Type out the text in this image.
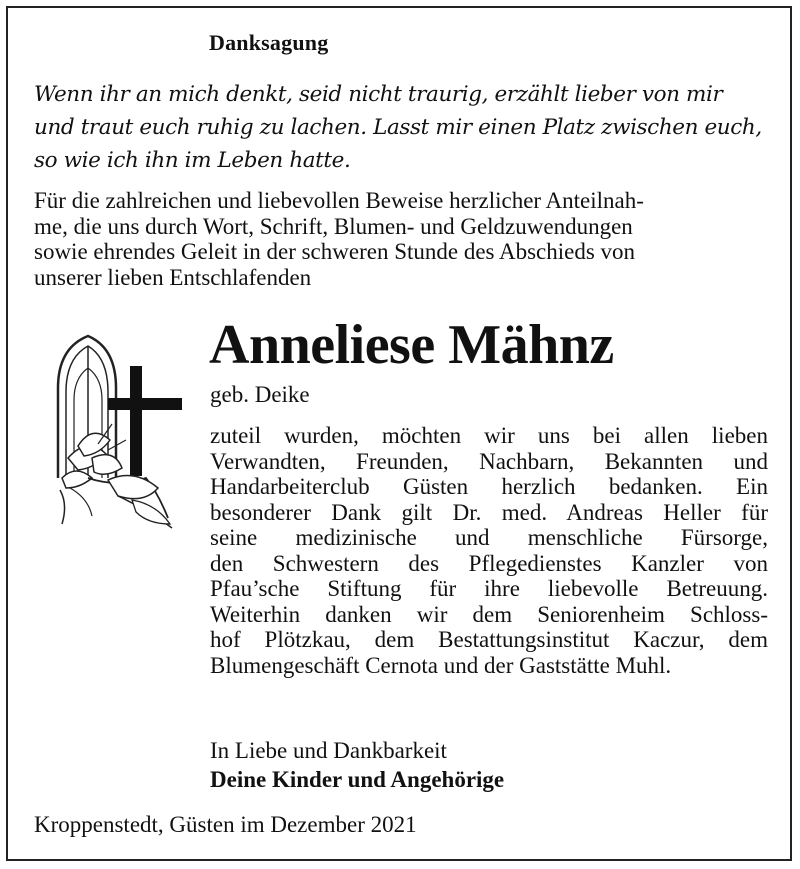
Danksagung
Wenn ihr an mich denkt, seid nicht traurig, erzählt lieber von mir
und traut euch ruhig zu lachen. Lasst mir einen Platz zwischen euch,
so wie ich ihn im Leben hatte.
Für die zahlreichen und liebevollen Beweise herzlicher Anteilnah-
me, die uns durch Wort, Schrift, Blumen- und Geldzuwendungen
sowie ehrendes Geleit in der schweren Stunde des Abschieds von
unserer lieben Entschlafenden
Anneliese Mähnz
geb. Deike
zuteil wurden, möchten wir uns bei allen lieben
Verwandten, Freunden, Nachbarn, Bekannten und
Handarbeiterclub Güsten herzlich bedanken. Ein
besonderer Dank gilt Dr. med. Andreas Heller für
seine medizinische und menschliche Fürsorge,
den Schwestern des Pflegedienstes Kanzler von
Pfau’sche Stiftung für ihre liebevolle Betreuung.
Weiterhin danken wir dem Seniorenheim Schloss-
hof Plötzkau, dem Bestattungsinstitut Kaczur, dem
Blumengeschäft Cernota und der Gaststätte Muhl.
In Liebe und Dankbarkeit
Deine Kinder und Angehörige
Kroppenstedt, Güsten im Dezember 2021
